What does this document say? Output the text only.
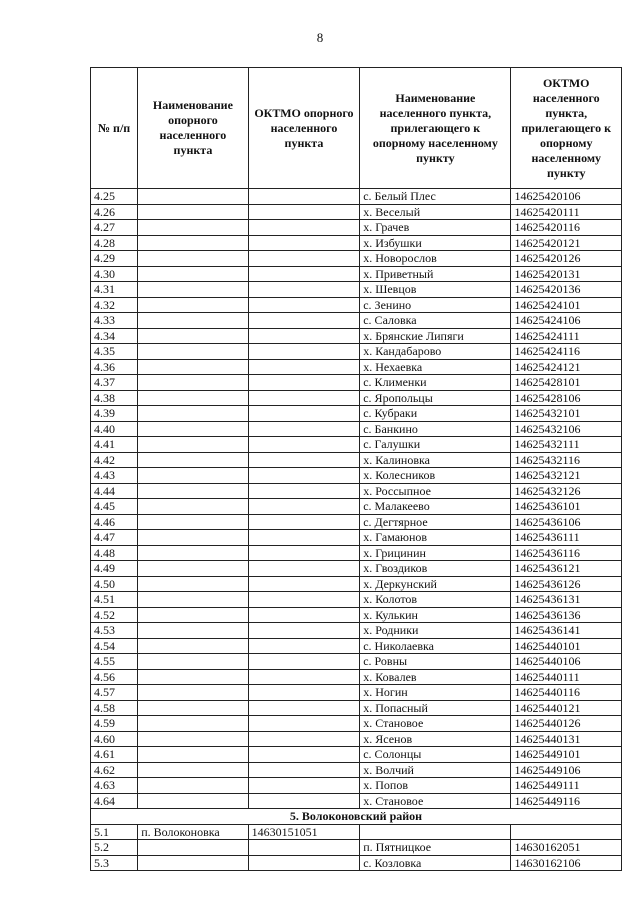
8
№ п/п	Наименование опорного населенного пункта	ОКТМО опорного населенного пункта	Наименование населенного пункта, прилегающего к опорному населенному пункту	ОКТМО населенного пункта, прилегающего к опорному населенному пункту
4.25			с. Белый Плес	14625420106
4.26			х. Веселый	14625420111
4.27			х. Грачев	14625420116
4.28			х. Избушки	14625420121
4.29			х. Новорослов	14625420126
4.30			х. Приветный	14625420131
4.31			х. Шевцов	14625420136
4.32			с. Зенино	14625424101
4.33			с. Саловка	14625424106
4.34			х. Брянские Липяги	14625424111
4.35			х. Кандабарово	14625424116
4.36			х. Нехаевка	14625424121
4.37			с. Клименки	14625428101
4.38			с. Яропольцы	14625428106
4.39			с. Кубраки	14625432101
4.40			с. Банкино	14625432106
4.41			с. Галушки	14625432111
4.42			х. Калиновка	14625432116
4.43			х. Колесников	14625432121
4.44			х. Россыпное	14625432126
4.45			с. Малакеево	14625436101
4.46			с. Дегтярное	14625436106
4.47			х. Гамаюнов	14625436111
4.48			х. Грицинин	14625436116
4.49			х. Гвоздиков	14625436121
4.50			х. Деркунский	14625436126
4.51			х. Колотов	14625436131
4.52			х. Кулькин	14625436136
4.53			х. Родники	14625436141
4.54			с. Николаевка	14625440101
4.55			с. Ровны	14625440106
4.56			х. Ковалев	14625440111
4.57			х. Ногин	14625440116
4.58			х. Попасный	14625440121
4.59			х. Становое	14625440126
4.60			х. Ясенов	14625440131
4.61			с. Солонцы	14625449101
4.62			х. Волчий	14625449106
4.63			х. Попов	14625449111
4.64			х. Становое	14625449116
5. Волоконовский район				
5.1	п. Волоконовка	14630151051		
5.2			п. Пятницкое	14630162051
5.3			с. Козловка	14630162106
